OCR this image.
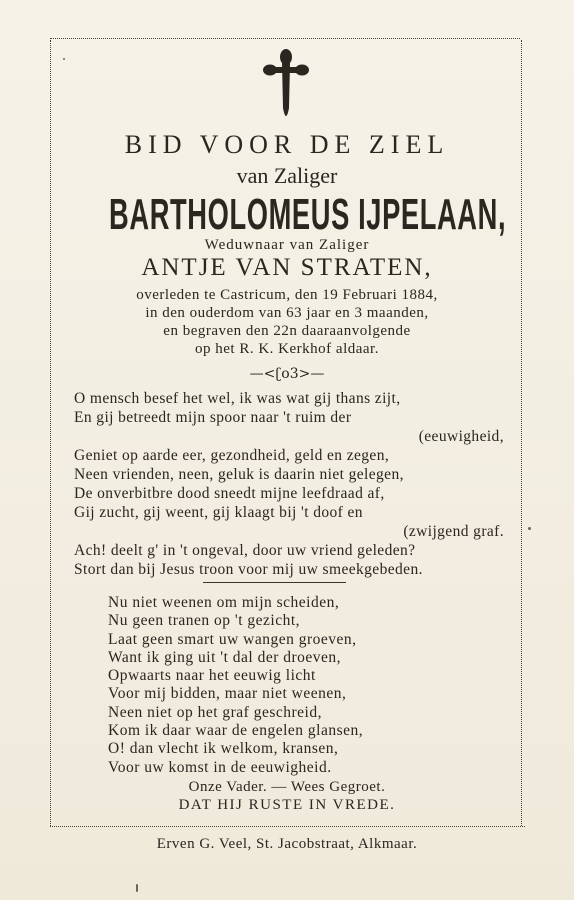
BID VOOR DE ZIEL
van Zaliger
BARTHOLOMEUS IJPELAAN,
Weduwnaar van Zaliger
ANTJE VAN STRATEN,
overleden te Castricum, den 19 Februari 1884,
in den ouderdom van 63 jaar en 3 maanden,
en begraven den 22n daaraanvolgende
op het R. K. Kerkhof aldaar.
—<ʗo3>—
O mensch besef het wel, ik was wat gij thans zijt,
En gij betreedt mijn spoor naar 't ruim der
(eeuwigheid,
Geniet op aarde eer, gezondheid, geld en zegen,
Neen vrienden, neen, geluk is daarin niet gelegen,
De onverbitbre dood sneedt mijne leefdraad af,
Gij zucht, gij weent, gij klaagt bij 't doof en
(zwijgend graf.
Ach! deelt g' in 't ongeval, door uw vriend geleden?
Stort dan bij Jesus troon voor mij uw smeekgebeden.
Nu niet weenen om mijn scheiden,
Nu geen tranen op 't gezicht,
Laat geen smart uw wangen groeven,
Want ik ging uit 't dal der droeven,
Opwaarts naar het eeuwig licht
Voor mij bidden, maar niet weenen,
Neen niet op het graf geschreid,
Kom ik daar waar de engelen glansen,
O! dan vlecht ik welkom, kransen,
Voor uw komst in de eeuwigheid.
Onze Vader. — Wees Gegroet.
DAT HIJ RUSTE IN VREDE.
Erven G. Veel, St. Jacobstraat, Alkmaar.
